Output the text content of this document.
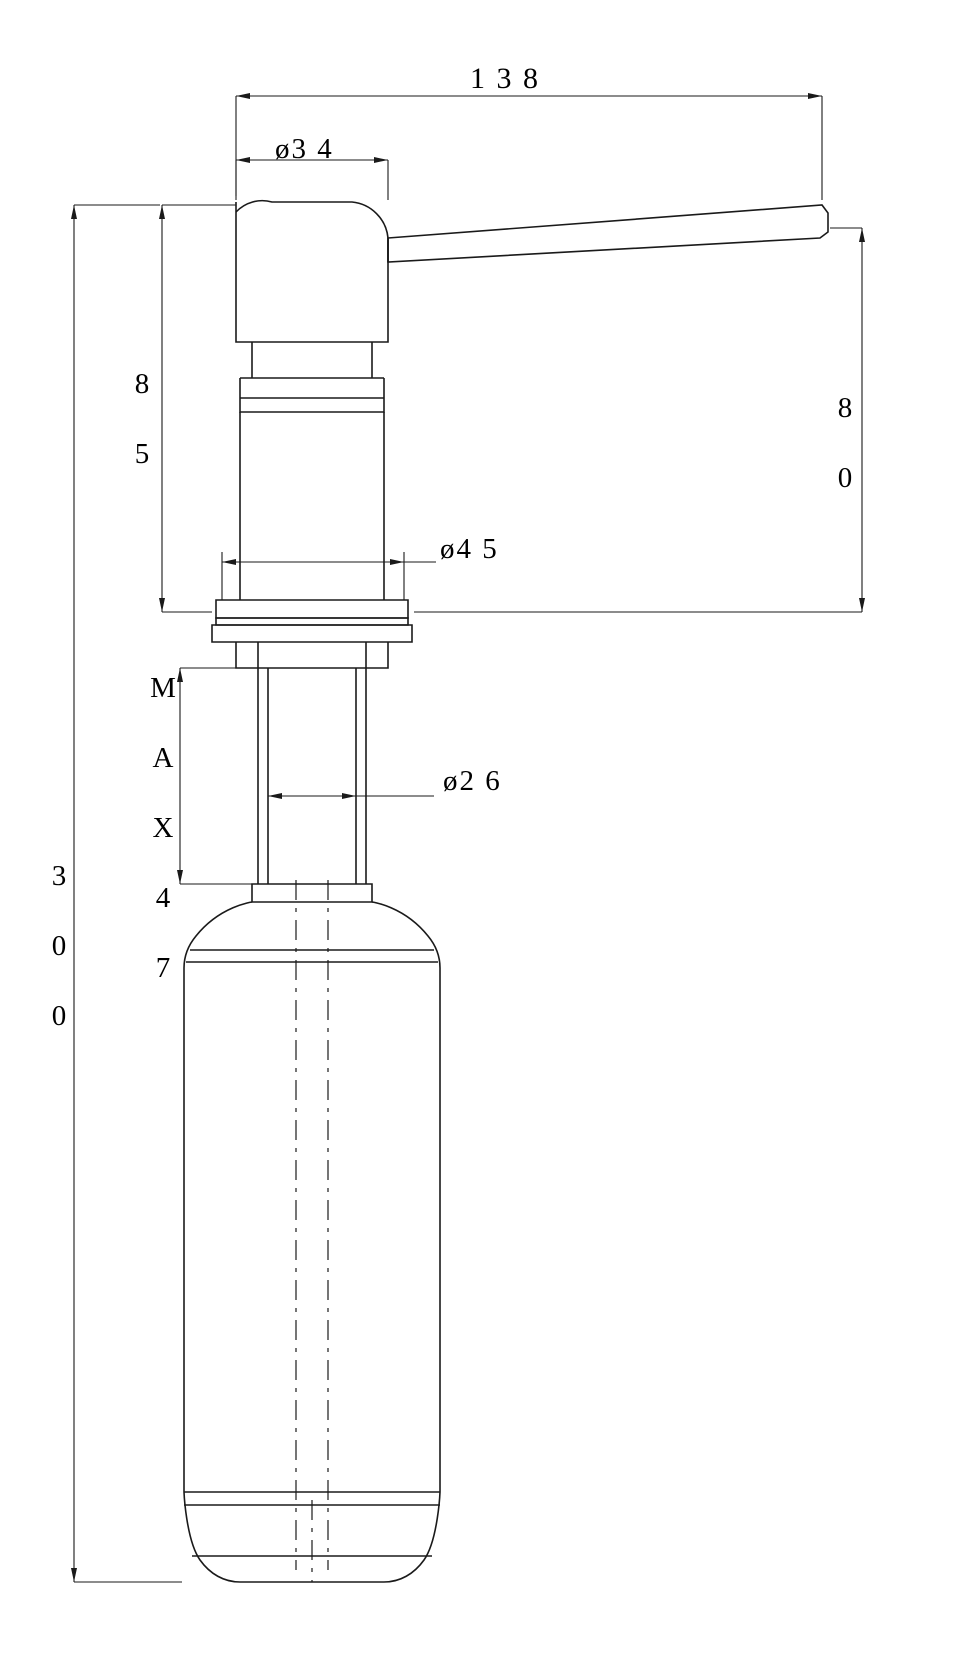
1 3 8
ø3 4
8 5	8 0
ø4 5
M A X 4 7	ø2 6
3 0 0
